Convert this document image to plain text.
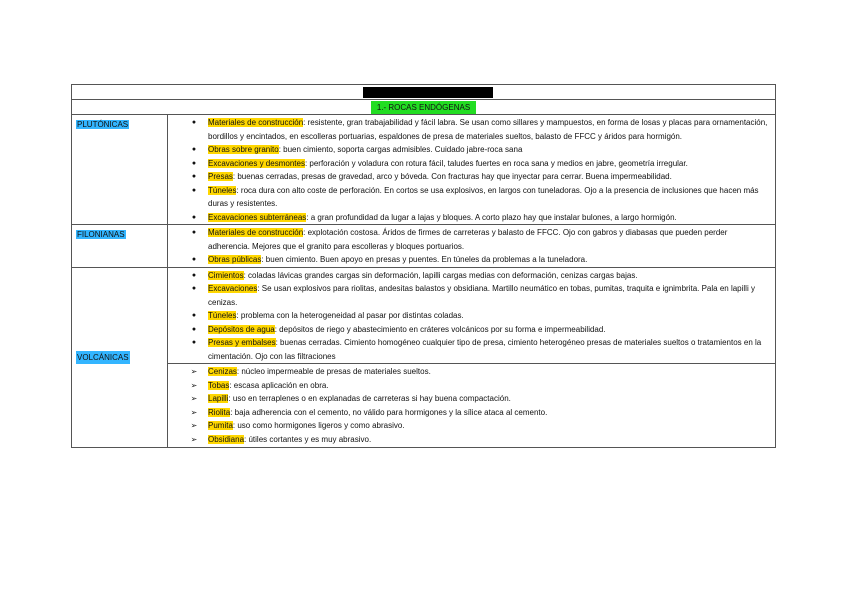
1.- ROCAS ENDÓGENAS
PLUTÓNICAS	●	Materiales de construcción: resistente, gran trabajabilidad y fácil labra. Se usan como sillares y mampuestos, en forma de losas y placas para ornamentación, bordillos y encintados, en escolleras portuarias, espaldones de presa de materiales sueltos, balasto de FFCC y áridos para hormigón.
●	Obras sobre granito: buen cimiento, soporta cargas admisibles. Cuidado jabre-roca sana
●	Excavaciones y desmontes: perforación y voladura con rotura fácil, taludes fuertes en roca sana y medios en jabre, geometría irregular.
●	Presas: buenas cerradas, presas de gravedad, arco y bóveda. Con fracturas hay que inyectar para cerrar. Buena impermeabilidad.
●	Túneles: roca dura con alto coste de perforación. En cortos se usa explosivos, en largos con tuneladoras. Ojo a la presencia de inclusiones que hacen más duras y resistentes.
●	Excavaciones subterráneas: a gran profundidad da lugar a lajas y bloques. A corto plazo hay que instalar bulones, a largo hormigón.
FILONIANAS	●	Materiales de construcción: explotación costosa. Áridos de firmes de carreteras y balasto de FFCC. Ojo con gabros y diabasas que pueden perder adherencia. Mejores que el granito para escolleras y bloques portuarios.
●	Obras públicas: buen cimiento. Buen apoyo en presas y puentes. En túneles da problemas a la tuneladora.
VOLCÁNICAS
●	Cimientos: coladas lávicas grandes cargas sin deformación, lapilli cargas medias con deformación, cenizas cargas bajas.
●	Excavaciones: Se usan explosivos para riolitas, andesitas balastos y obsidiana. Martillo neumático en tobas, pumitas, traquita e ignimbrita. Pala en lapilli y cenizas.
●	Túneles: problema con la heterogeneidad al pasar por distintas coladas.
●	Depósitos de agua: depósitos de riego y abastecimiento en cráteres volcánicos por su forma e impermeabilidad.
●	Presas y embalses: buenas cerradas. Cimiento homogéneo cualquier tipo de presa, cimiento heterogéneo presas de materiales sueltos o tratamientos en la cimentación. Ojo con las filtraciones
➢	Cenizas: núcleo impermeable de presas de materiales sueltos.
➢	Tobas: escasa aplicación en obra.
➢	Lapilli: uso en terraplenes o en explanadas de carreteras si hay buena compactación.
➢	Riolita: baja adherencia con el cemento, no válido para hormigones y la sílice ataca al cemento.
➢	Pumita: uso como hormigones ligeros y como abrasivo.
➢	Obsidiana: útiles cortantes y es muy abrasivo.
